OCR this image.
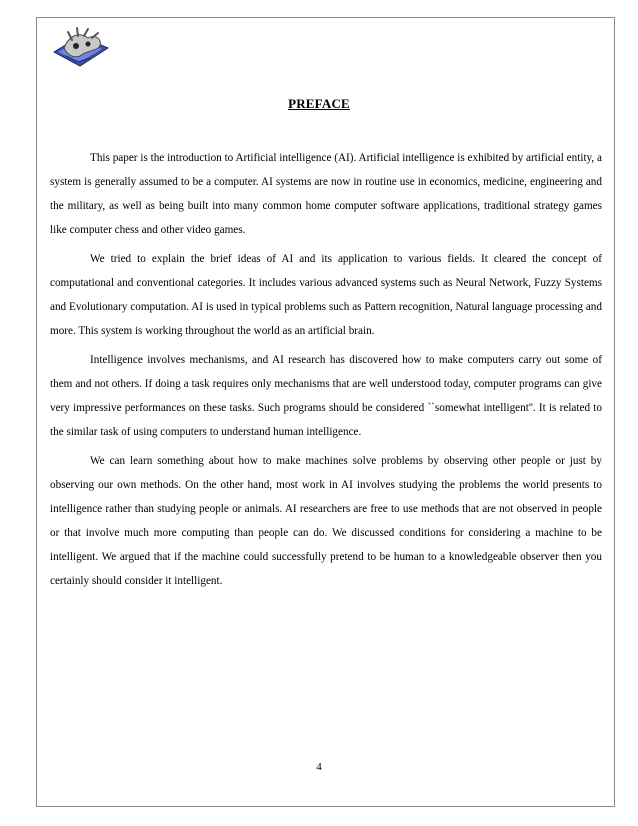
PREFACE

This paper is the introduction to Artificial intelligence (AI). Artificial intelligence is exhibited by artificial entity, a system is generally assumed to be a computer. AI systems are now in routine use in economics, medicine, engineering and the military, as well as being built into many common home computer software applications, traditional strategy games like computer chess and other video games.

We tried to explain the brief ideas of AI and its application to various fields. It cleared the concept of computational and conventional categories. It includes various advanced systems such as Neural Network, Fuzzy Systems and Evolutionary computation. AI is used in typical problems such as Pattern recognition, Natural language processing and more. This system is working throughout the world as an artificial brain.

Intelligence involves mechanisms, and AI research has discovered how to make computers carry out some of them and not others. If doing a task requires only mechanisms that are well understood today, computer programs can give very impressive performances on these tasks. Such programs should be considered ``somewhat intelligent''. It is related to the similar task of using computers to understand human intelligence.

We can learn something about how to make machines solve problems by observing other people or just by observing our own methods. On the other hand, most work in AI involves studying the problems the world presents to intelligence rather than studying people or animals. AI researchers are free to use methods that are not observed in people or that involve much more computing than people can do. We discussed conditions for considering a machine to be intelligent. We argued that if the machine could successfully pretend to be human to a knowledgeable observer then you certainly should consider it intelligent.

4
